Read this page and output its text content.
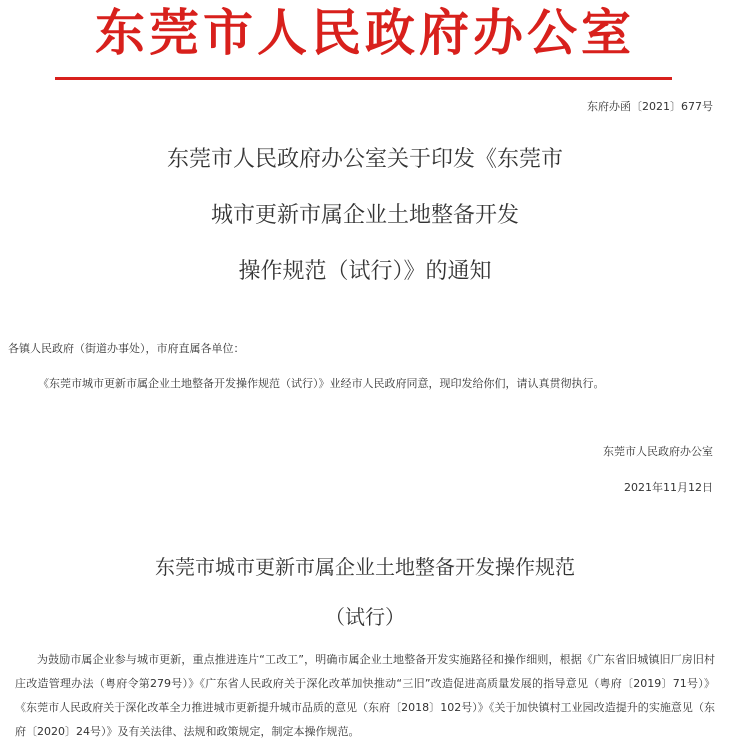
东莞市人民政府办公室
东府办函〔2021〕677号
东莞市人民政府办公室关于印发《东莞市
城市更新市属企业土地整备开发
操作规范（试行）》的通知
各镇人民政府（街道办事处），市府直属各单位：
《东莞市城市更新市属企业土地整备开发操作规范（试行）》业经市人民政府同意，现印发给你们，请认真贯彻执行。
东莞市人民政府办公室
2021年11月12日
东莞市城市更新市属企业土地整备开发操作规范
（试行）
为鼓励市属企业参与城市更新，重点推进连片“工改工”，明确市属企业土地整备开发实施路径和操作细则，根据《广东省旧城镇旧厂房旧村庄改造管理办法（粤府令第279号）》《广东省人民政府关于深化改革加快推动“三旧”改造促进高质量发展的指导意见（粤府〔2019〕71号）》《东莞市人民政府关于深化改革全力推进城市更新提升城市品质的意见（东府〔2018〕102号）》《关于加快镇村工业园改造提升的实施意见（东府〔2020〕24号）》及有关法律、法规和政策规定，制定本操作规范。
